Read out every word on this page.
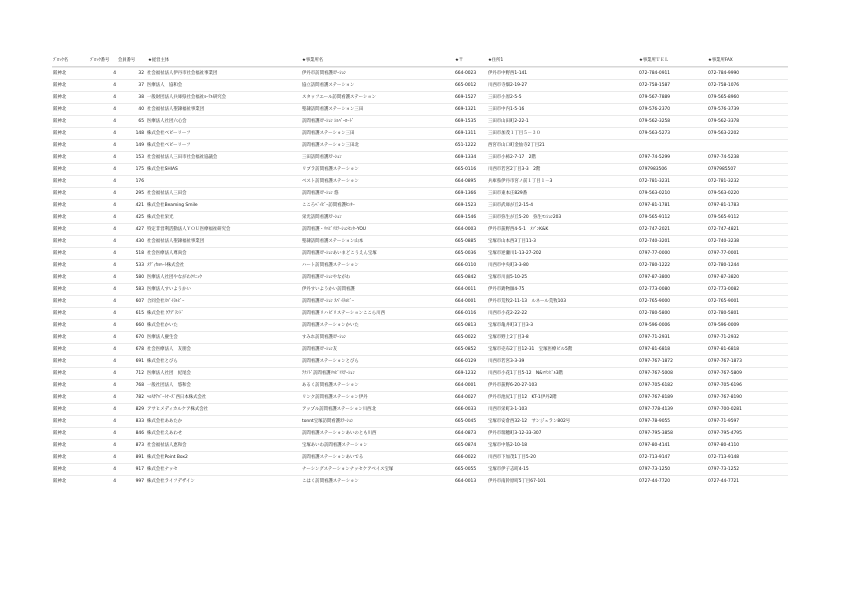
ﾌﾞﾛｯｸ名	ﾌﾞﾛｯｸ番号	会員番号	★経営主体	★事業所名	★〒	★住所1	★事業所ＴＥＬ	★事業所FAX
阪神北	4	32 社会福祉法人伊丹市社会福祉事業団	伊丹市訪問看護ｽﾃｰｼｮﾝ	664-0023	伊丹市中野西1-141	072-784-0911	072-784-9990
阪神北	4	37 医療法人　協和会	協立訪問看護ステーション	665-0012	川西市寺畑2-19-27	072-758-1587	072-758-1076
阪神北	4	38 一般財団法人兵庫県社会福祉ﾙｰﾃﾙ研究会	スタッフエール訪問看護ステーション	669-1527	三田市小原2-5-5	079-567-7889	079-565-8960
阪神北	4	40 社会福祉法人聖隷福祉事業団	聖隷訪問看護ステーション三田	669-1321	三田市中内1-5-16	079-576-2370	079-576-3739
阪神北	4	65 医療法人社団六心会	訪問看護ｽﾃｰｼｮﾝ ｼﾙﾊﾞｰﾛｰﾄﾞ	669-1535	三田市山田町2-22-1	079-562-3258	079-562-3378
阪神北	4	148 株式会社ベビーリーフ	訪問看護ステーション三田	669-1311	三田市加茂１丁目５－３０	079-563-5273	079-563-2202
阪神北	4	149 株式会社ベビーリーフ	訪問看護ステーション三田北	651-1222	西宮市山口町金仙寺2丁目21
阪神北	4	153 社会福祉法人三田市社会福祉協議会	三田訪問看護ｽﾃｰｼｮﾝ	669-1334	三田市小柿2-7-17　2階	0797-74-5299	0797-74-5238
阪神北	4	175 株式会社SHIAS	リブラ訪問看護ステーション	665-0116	川西市若宮2丁目3-3　2階	0797983506	0797985507
阪神北	4	176	ベスト訪問看護ステーション	664-0895	兵庫県伊丹市宮ノ前１丁目１－3	072-781-3231	072-781-3232
阪神北	4	295 社会福祉法人三田会	訪問看護ｽﾃｰｼｮﾝ 悠	669-1366	三田市東本庄829番	079-563-0210	079-563-0220
阪神北	4	421 株式会社Beaming Smile	こころﾍﾞｲﾋﾞｰ訪問看護ｾﾝﾀｰ	669-1523	三田市武庫が丘2-15-4	0797-81-1781	0797-81-1783
阪神北	4	425 株式会社栄光	栄光訪問看護ｽﾃｰｼｮﾝ	669-1546	三田市弥生が丘5-20　弥生ﾏﾝｼｮﾝ203	079-565-9112	079-565-9112
阪神北	4	427 特定非営利活動法人ＹＯＵ医療福祉研究会	訪問看護・ﾘﾊﾋﾞﾘｽﾃｰｼｮﾝｾﾝﾀｰYOU	664-0003	伊丹市荻野西4-5-1　ﾒｿﾞﾝK&K	072-747-2021	072-747-4821
阪神北	4	430 社会福祉法人聖隷福祉事業団	聖隷訪問看護ステーション山本	665-0885	宝塚市山本西3丁目11-3	072-740-3201	072-740-3238
阪神北	4	518 社会医療法人尊尚会	訪問看護ｽﾃｰｼｮﾝあいまどこうえん宝塚	665-0036	宝塚市逆瀬川1-13-27-202	0797-77-0000	0797-77-0001
阪神北	4	533 ﾒﾃﾞｨｶﾙﾊｰﾄ株式会社	ハート訪問看護ステーション	666-0110	川西市中央町3-3-80	072-780-1222	072-780-1244
阪神北	4	580 医療法人社団やながわｸﾘﾆｯｸ	訪問看護ｽﾃｰｼｮﾝやながわ	665-0842	宝塚市川面5-10-25	0797-87-3800	0797-87-3820
阪神北	4	583 医療法人すいようかい	伊丹すいようかい訪問看護	664-0011	伊丹市鋳物師4-75	072-773-0080	072-773-0082
阪神北	4	607 合同会社ｽﾊﾟｲﾗﾙﾋﾞｰ	訪問看護ｽﾃｰｼｮﾝ ｽﾊﾟｲﾗﾙﾋﾞｰ	664-0001	伊丹市荒牧2-11-13　ルネール荒牧103	072-765-9000	072-765-9001
阪神北	4	615 株式会社 ｹｱﾌﾟﾗﾝﾄﾞ	訪問看護リハビリステーションここら川西	666-0116	川西市小花2-22-22	072-780-5800	072-780-5801
阪神北	4	660 株式会社かいた	訪問看護ステーションかいた	665-0813	宝塚市亀井町3丁目3-3	079-596-0006	079-596-0009
阪神北	4	670 医療法人慶生会	すみれ訪問看護ｽﾃｰｼｮﾝ	665-0022	宝塚市野上2丁目3-8	0797-71-2931	0797-71-2932
阪神北	4	678 社会医療法人　友朋会	訪問看護ｽﾃｰｼｮﾝ友	665-0852	宝塚市売布2丁目12-31　宝塚医療ビル5階	0797-81-6818	0797-81-6818
阪神北	4	691 株式会社とびら	訪問看護ステーションとびら	666-0129	川西市若宮3-3-39	0797-767-1872	0797-767-1873
阪神北	4	712 医療法人社団　紀尾会	ﾃｸﾉﾄﾞ訪問看護ﾘﾊﾋﾞﾘｽﾃｰｼｮﾝ	669-1232	川西市小花1丁目5-12　N&ﾏﾘﾝﾋﾞﾙ3階	0797-767-5008	0797-767-5809
阪神北	4	768 一般社団法人　悠和会	あるく訪問看護ステーション	664-0001	伊丹市荻野6-20-27-103	0797-705-6182	0797-705-6196
阪神北	4	782 ﾍﾙｽｹｱﾊﾟｰﾄﾅｰｽﾞ西日本株式会社	リンク訪問看護ステーション伊丹	664-0027	伊丹市池尻1丁目12　KT-1伊丹2階	0797-767-8189	0797-767-8190
阪神北	4	829 アサヒメディカルケア株式会社	アップル訪問看護ステーション川西北	666-0033	川西市栄町3-1-103	0797-778-4139	0797-700-0281
阪神北	4	833 株式会社ああたか	tonnt宝塚訪問看護ｽﾃｰｼｮﾝ	665-0045	宝塚市安倉西32-12　サンジェラン802号	0797-78-9055	0797-71-9597
阪神北	4	846 株式会社えあわせ	訪問看護ステーションあいのとも川西	664-0873	伊丹市瑞穂町3-12-33-307	0797-795-3858	0797-795-4795
阪神北	4	873 社会福祉法人恵和会	宝塚あいわ訪問看護ステーション	665-0874	宝塚市中筋2-10-18	0797-80-4141	0797-80-4110
阪神北	4	891 株式会社Point Box2	訪問看護ステーションあいでる	666-0022	川西市下加茂1丁目5-20	072-713-9147	072-713-9148
阪神北	4	917 株式会社ナッセ	ナーシングステーションナッセケアベイス宝塚	665-0055	宝塚市伊子志町4-15	0797-73-1250	0797-73-1252
阪神北	4	997 株式会社ライフデザイン	こはく訪問看護ステーション	664-0013	伊丹市南鈴原町5丁目67-101	0727-44-7720	0727-44-7721
